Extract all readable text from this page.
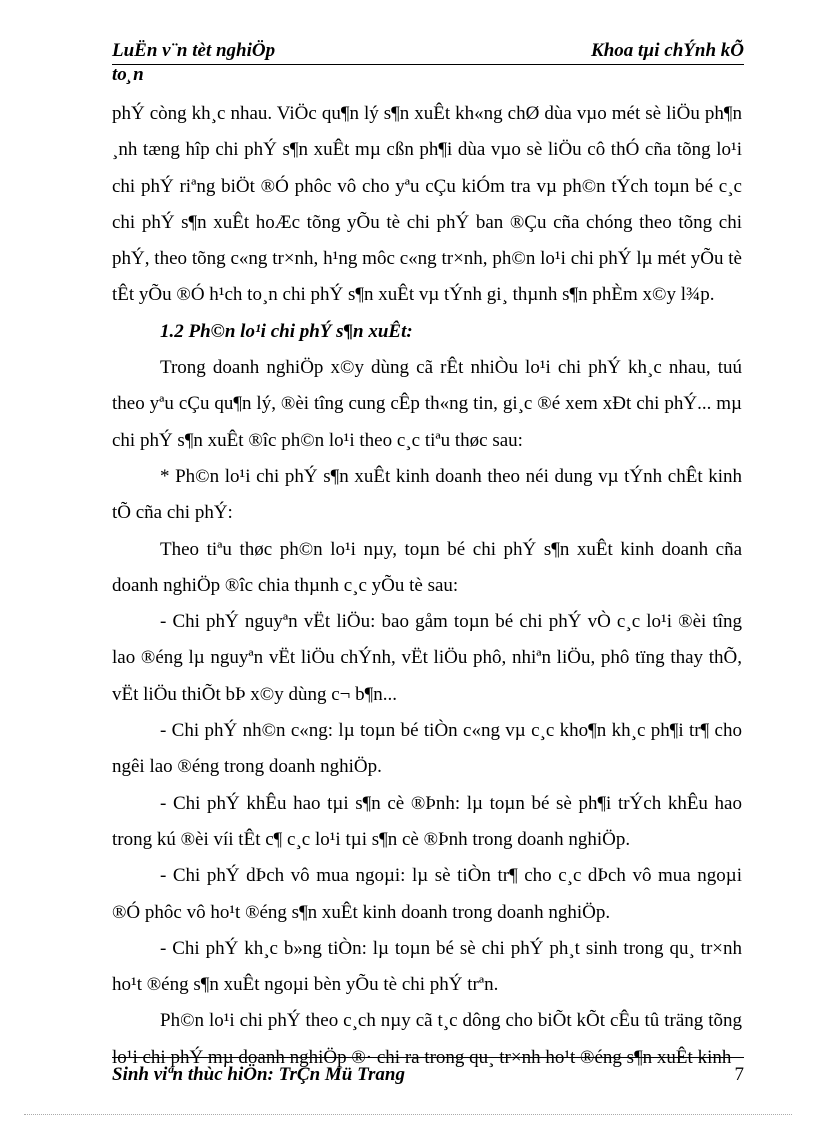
LuËn v¨n tèt nghiÖp	Khoa tµi chÝnh kÕ
to¸n

phÝ còng kh¸c nhau. ViÖc qu¶n lý s¶n xuÊt kh«ng chØ dùa vµo mét sè liÖu ph¶n ¸nh tæng hîp chi phÝ s¶n xuÊt mµ cßn ph¶i dùa vµo sè liÖu cô thÓ cña tõng lo¹i chi phÝ riªng biÖt ®Ó phôc vô cho yªu cÇu kiÓm tra vµ ph©n tÝch toµn bé c¸c chi phÝ s¶n xuÊt hoÆc tõng yÕu tè chi phÝ ban ®Çu cña chóng theo tõng chi phÝ, theo tõng c«ng tr×nh, h¹ng môc c«ng tr×nh, ph©n lo¹i chi phÝ lµ mét yÕu tè tÊt yÕu ®Ó h¹ch to¸n chi phÝ s¶n xuÊt vµ tÝnh gi¸ thµnh s¶n phÈm x©y l¾p.

1.2 Ph©n lo¹i chi phÝ s¶n xuÊt:

Trong doanh nghiÖp x©y dùng cã rÊt nhiÒu lo¹i chi phÝ kh¸c nhau, tuú theo yªu cÇu qu¶n lý, ®èi tîng cung cÊp th«ng tin, gi¸c ®é xem xÐt chi phÝ... mµ chi phÝ s¶n xuÊt ®îc ph©n lo¹i theo c¸c tiªu thøc sau:

* Ph©n lo¹i chi phÝ s¶n xuÊt kinh doanh theo néi dung vµ tÝnh chÊt kinh tÕ cña chi phÝ:

Theo tiªu thøc ph©n lo¹i nµy, toµn bé chi phÝ s¶n xuÊt kinh doanh cña doanh nghiÖp ®îc chia thµnh c¸c yÕu tè sau:

- Chi phÝ nguyªn vËt liÖu: bao gåm toµn bé chi phÝ vÒ c¸c lo¹i ®èi tîng lao ®éng lµ nguyªn vËt liÖu chÝnh, vËt liÖu phô, nhiªn liÖu, phô tïng thay thÕ, vËt liÖu thiÕt bÞ x©y dùng c¬ b¶n...

- Chi phÝ nh©n c«ng: lµ toµn bé tiÒn c«ng vµ c¸c kho¶n kh¸c ph¶i tr¶ cho ngêi lao ®éng trong doanh nghiÖp.

- Chi phÝ khÊu hao tµi s¶n cè ®Þnh: lµ toµn bé sè ph¶i trÝch khÊu hao trong kú ®èi víi tÊt c¶ c¸c lo¹i tµi s¶n cè ®Þnh trong doanh nghiÖp.

- Chi phÝ dÞch vô mua ngoµi: lµ sè tiÒn tr¶ cho c¸c dÞch vô mua ngoµi ®Ó phôc vô ho¹t ®éng s¶n xuÊt kinh doanh trong doanh nghiÖp.

- Chi phÝ kh¸c b»ng tiÒn: lµ toµn bé sè chi phÝ ph¸t sinh trong qu¸ tr×nh ho¹t ®éng s¶n xuÊt ngoµi bèn yÕu tè chi phÝ trªn.

Ph©n lo¹i chi phÝ theo c¸ch nµy cã t¸c dông cho biÕt kÕt cÊu tû träng tõng lo¹i chi phÝ mµ doanh nghiÖp ®· chi ra trong qu¸ tr×nh ho¹t ®éng s¶n xuÊt kinh

Sinh viªn thùc hiÖn: TrÇn Mü Trang	7
